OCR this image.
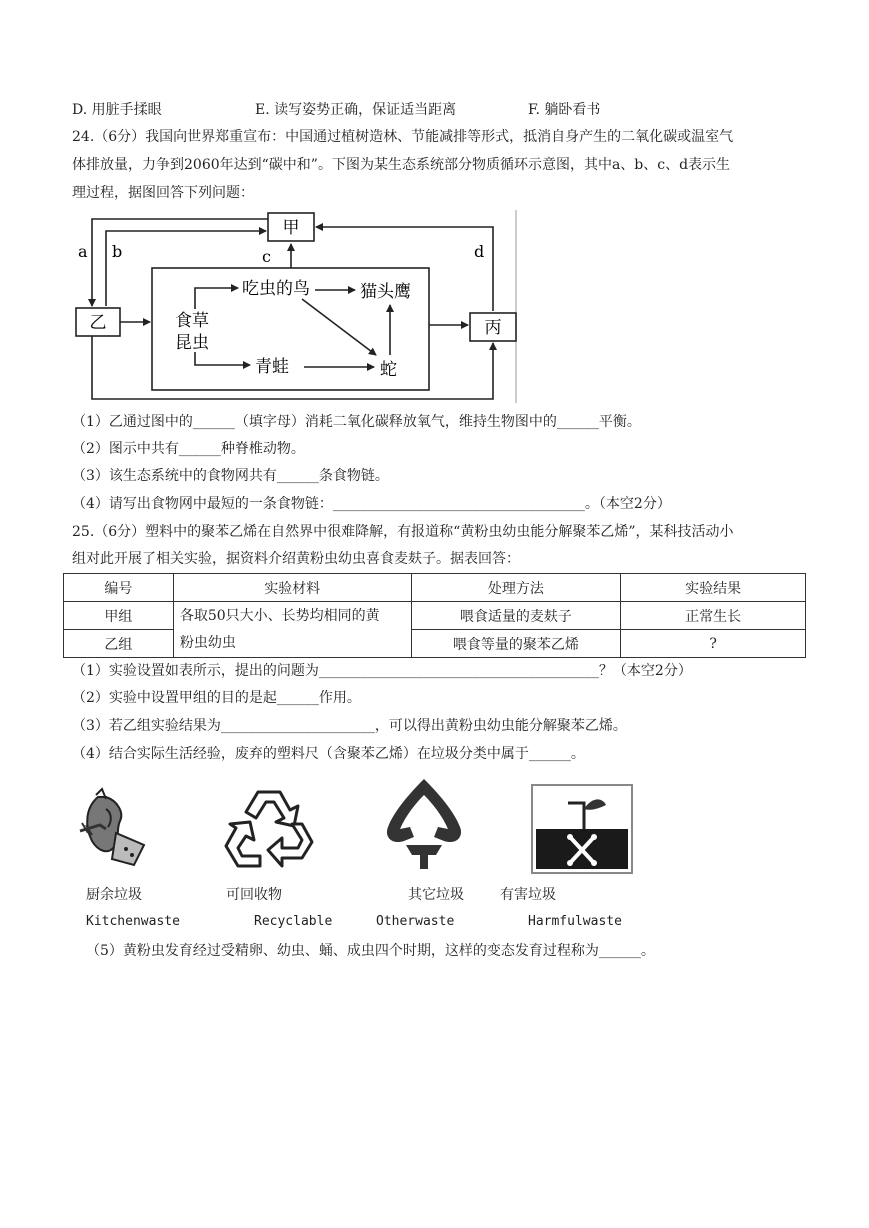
D. 用脏手揉眼	E. 读写姿势正确，保证适当距离	F. 躺卧看书
24.（6分）我国向世界郑重宣布：中国通过植树造林、节能减排等形式，抵消自身产生的二氧化碳或温室气
体排放量，力争到2060年达到“碳中和”。下图为某生态系统部分物质循环示意图，其中a、b、c、d表示生
理过程，据图回答下列问题：
甲
乙	丙
a b	c	d
食草
昆虫
吃虫的鸟	猫头鹰
青蛙	蛇
（1）乙通过图中的______（填字母）消耗二氧化碳释放氧气，维持生物图中的______平衡。
（2）图示中共有______种脊椎动物。
（3）该生态系统中的食物网共有______条食物链。
（4）请写出食物网中最短的一条食物链：____________________________________。（本空2分）
25.（6分）塑料中的聚苯乙烯在自然界中很难降解，有报道称“黄粉虫幼虫能分解聚苯乙烯”，某科技活动小
组对此开展了相关实验，据资料介绍黄粉虫幼虫喜食麦麸子。据表回答：
编号	实验材料	处理方法	实验结果
甲组	各取50只大小、长势均相同的黄
粉虫幼虫	喂食适量的麦麸子	正常生长
乙组		喂食等量的聚苯乙烯	?
（1）实验设置如表所示，提出的问题为________________________________________？（本空2分）
（2）实验中设置甲组的目的是起______作用。
（3）若乙组实验结果为______________________，可以得出黄粉虫幼虫能分解聚苯乙烯。
（4）结合实际生活经验，废弃的塑料尺（含聚苯乙烯）在垃圾分类中属于______。
厨余垃圾	可回收物	其它垃圾	有害垃圾
Kitchenwaste	Recyclable	Otherwaste	Harmfulwaste
（5）黄粉虫发育经过受精卵、幼虫、蛹、成虫四个时期，这样的变态发育过程称为______。
